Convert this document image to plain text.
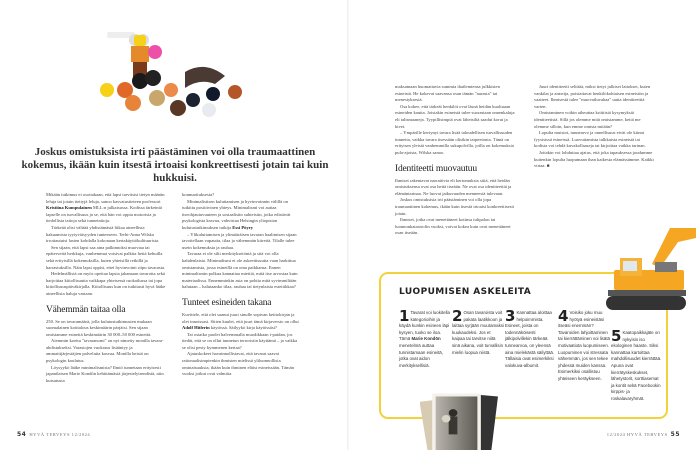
Joskus omistuksista irti päästäminen voi olla traumaattinen kokemus, ikään kuin itsestä irtoaisi konkreettisesti jotain tai kuin hukkuisi.

Mikään tutkimus ei osoitakaan, että lapsi tarvitsisi tietyn määrän leluja tai jotain tiettyjä leluja, sanoo kasvatustieteen professori Kristiina Kumpulainen MLL:n julkaisussa. Kodissa tärkeintä lapselle on turvallisuus ja se, että hän voi oppia motorisia ja tiedollisia taitoja sekä tunnetaitoja.

Tärkeää olisi välttää yhdistämästä liikaa aineellista hakuamista tyytyväisyyden tunteeseen. Terhi-Anna Wilska irrottautuisi lasten kohdalla kokonaan kertakäyttökulttuurista.

Sen sijaan, että lapsi saa aina palkinnoksi muoviaa tai epäterveitä herkkuja, vanhemmat voisivat palkita heitä kehuilla sekä erityisillä kokemuksilla, kuten yhteisillä retkillä ja harrastuksilla. Näin lapsi oppisi, ettei hyvinvointi riipu tavarasta.

Hedelmällistä on myös opettaa lapsia jakamaan tavaroita sekä harjoittaa kiitollisuutta vaikkapa yhteisessä ruokailussa tai jopa kiitollisuuspäiväkirjalla. Kiitollisuus kun on tutkitusti hyvä lääke aineellisia haluja vastaan.

Vähemmän taitaa olla

250. Se on tavaramäärä, jolla kulutustutkimusten mukaan suomalainen kotitalous keskimäärin pärjäisi. Sen sijaan omistamme esineitä keskimäärin 30 000–50 000 esinettä.

Aiemmin koettu "tavaranomi" on nyt nimetty monilla tavara-ahdistukseksi. Varastojen vuokraus lisääntyy ja ammattijärjestäjien palveluita kasvaa. Monilla heistä on psykologin koulutus.

Löysyykö lääke minimalismista? Ilmiö tunnetaan erityisesti japanilaisen Marie Kondōn kehittämästä järjestelytrendistä, niin kutsutusta

konmarituksesta?

Minimalistisen kuluttamisen ja hyvinvoinnin välillä on tutkittu positiivinen yhteys. Minimalismi voi auttaa itseohjautuvuuteen ja sosiaalisiin suhteisiin, jotka edistävät psykologista kasvua, vahvistaa Helsingin yliopiston kulutustutkimuksen tutkija Essi Pöyry

– Ylikuluttamisen ja ylimääräisen tavaran haalimisen sijaan tavoitellaan vapautta, tilaa ja vähemmän kiirettä. Tilalle tulee usein kokemuksia ja rauhaa.

Tavaraa ei ole silti merkityksetöntä ja sitä voi olla kahdenlaista. Minimalismi ei ole askeettisuutta vaan harkittua omistamista, jossa esineillä on oma paikkansa. Ennen minimalismin polkua kannattaa miettiä, mitä itse arvostaa kuin materiaalissa. Ennemminkin asia on pohtia mitä syvimmiltään halutaan – halutaanko tilaa, rauhaa tai tietynlaista estetiikkaa?

Tunteet esineiden takana

Kuvittele, että olet saanut juuri sinulle sopivan keittokirjan ja olet innoissasi. Sitten kuulet, että juuri tämä kirjaversio on ollut Adolf Hitlerin käytössä. Säilyykö kirja käytössäsi?

Tai ostatko puolet halvemmalla muodikkaan t-paidan, jos tiedät, että se on ollut tunnetun terroristin käyttämä – ja vaikka se olisi pesty kymmenen kertaa?

Ajatuskokeet havainnollistavat, että tavarat saavat rationaalisimpienkin ihmisten mielissä yliluonnollisia ominaisuuksia, ikään kuin ihminen eläisi esineissään. Tämän vuoksi jotkut ovat valmiita

54 HYVÄ TERVEYS 12/2024

maksamaan huomattavia summia ihailemiensa julkkisten esineistä. He kokevat saavansa osan tämän "aurasta" tai menestyksestä.

Osa kokee, että tärkeät henkilöt ovat läsnä heidän kuoltuaan esineiden kautta. Joistakin esineistä tulee suorastaan onnenkaluja eli talismaaneja. Tyypillisimpiä ovat läheisiltä saadut korut ja kivet.

– Ympärille kertynyt tavara lisää taloudellisen turvallisuuden tunnetta, vaikka tavara itsessään olisikin tarpeetonta. Tämä on erityisen yleistä vanhemmilla sukupolvilla, joilla on kokemuksia pula-ajoista, Wilska sanoo.

Identiteetti muovautuu

Ihmiset rakentavat narratiivia eli kertomuksia siitä, että heidän omistuksensa ovat osa heitä itseään. Ne ovat osa identiteettiä ja elämäntarinaa. Ne luovat jatkuvuuden menneestä tulevaan.

Joskus omistuksista irti päästäminen voi olla jopa traumaattinen kokemus, ikään kuin itsestä irtoaisi konkreettisesti jotain.

Ihmiset, jotka ovat menettäneet kotinsa tulipalon tai luonnonkatastrofin vuoksi, voivat kokea kuin ovat menettäneet osan itseään.

Juuri identiteetti selittää, miksi tietyt julkiset laitokset, kuten vankilat ja armeija, poistattavat henkilökohtaisen esineistön ja vaatteet. Ihmisestä tulee "muovailuvahaa" uutta identiteettiä varten.

Omistaminen voikin aiheuttaa kriittisiä kysymyksiä identiteetistä. Sillä jos olemme mitä omistamme, keitä me olemme silloin, kun emme omista mitään?

Lopulta muistot, tunnearvo ja onnellisuus eivät ole kiinni fyysisissä esineissä. Luovuttamista tulkkaista esineistä tai kodista voi tehdä kuvakollaasejа tai kirjoittaa vaikka tarinan.

Joitakin voi lohduttaa ajatus, että joka tapauksessa joudumme kuitenkin lopulta luopumaan ihan kaikesta elämässämme. Kaikki virtaa. ■

12/2024 HYVÄ TERVEYS 55
LUOPUMISEN ASKELEITA
1 Tavarat voi luokitella kategorioihin ja käydä kunkin esineen läpi kysyen, tuoko se iloa. Tämä Marie Kondōn menetelmä auttaa tunnistamaan esineitä, jotka ovat aidon merkityksellisiä.
2 Osan tavaroista voit pakata laatikkoon ja laittaa syrjään muutamaksi kuukaudeksi. Jos et kaipaa tai tarvitse niitä sinä aikana, voit turvallisin mielin luopua niistä.
3 Kannattaa aloittaa helpoimmista. Esineet, joista on todennäköisesti jälkipolvillekin tärkeää tunnearvoa, on yleensä aina mielekästä säilyttää. Tällaisia ovat esimerkiksi valokuva-albumit.
4 Voisiko joku muu hyötyä esineistäsi itseäsi enemmän? Tavaroiden lahjoittaminen tai kierrättäminen voi lisätä motivaatiota luopumiseen. Luopuminen voi stressata vähemmän, jos sen tekee yhdessä muiden kanssa. Esimerkiksi osallistuu yhteiseen keräykseen.
5 Kaatopaikkajäte on nykyisin iso ekologinen haaste. Siksi kannattaa kartoittaa mahdollisuudet kierrättää. Apuna ovat kierrätyskeskukset, lähetystorit, sorttiasemat ja kontit sekä Facebookin kirppis- ja roskalavaryhmät.
